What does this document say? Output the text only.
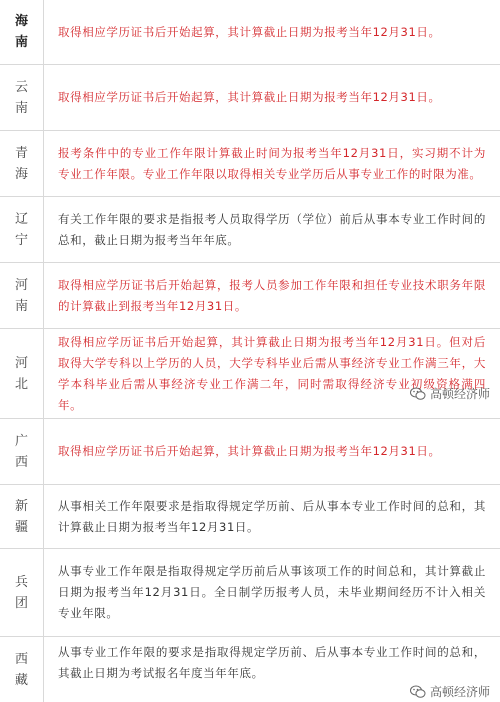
海南

取得相应学历证书后开始起算，其计算截止日期为报考当年12月31日。

云南

取得相应学历证书后开始起算，其计算截止日期为报考当年12月31日。

青海

报考条件中的专业工作年限计算截止时间为报考当年12月31日，实习期不计为专业工作年限。专业工作年限以取得相关专业学历后从事专业工作的时限为准。

辽宁

有关工作年限的要求是指报考人员取得学历（学位）前后从事本专业工作时间的总和，截止日期为报考当年年底。

河南

取得相应学历证书后开始起算，报考人员参加工作年限和担任专业技术职务年限的计算截止到报考当年12月31日。

河北

取得相应学历证书后开始起算，其计算截止日期为报考当年12月31日。但对后取得大学专科以上学历的人员，大学专科毕业后需从事经济专业工作满三年，大学本科毕业后需从事经济专业工作满二年，同时需取得经济专业初级资格满四年。

高顿经济师
广西

取得相应学历证书后开始起算，其计算截止日期为报考当年12月31日。

新疆

从事相关工作年限要求是指取得规定学历前、后从事本专业工作时间的总和，其计算截止日期为报考当年12月31日。

兵团

从事专业工作年限是指取得规定学历前后从事该项工作的时间总和，其计算截止日期为报考当年12月31日。全日制学历报考人员，未毕业期间经历不计入相关专业年限。

西藏

从事专业工作年限的要求是指取得规定学历前、后从事本专业工作时间的总和，其截止日期为考试报名年度当年年底。

高顿经济师
